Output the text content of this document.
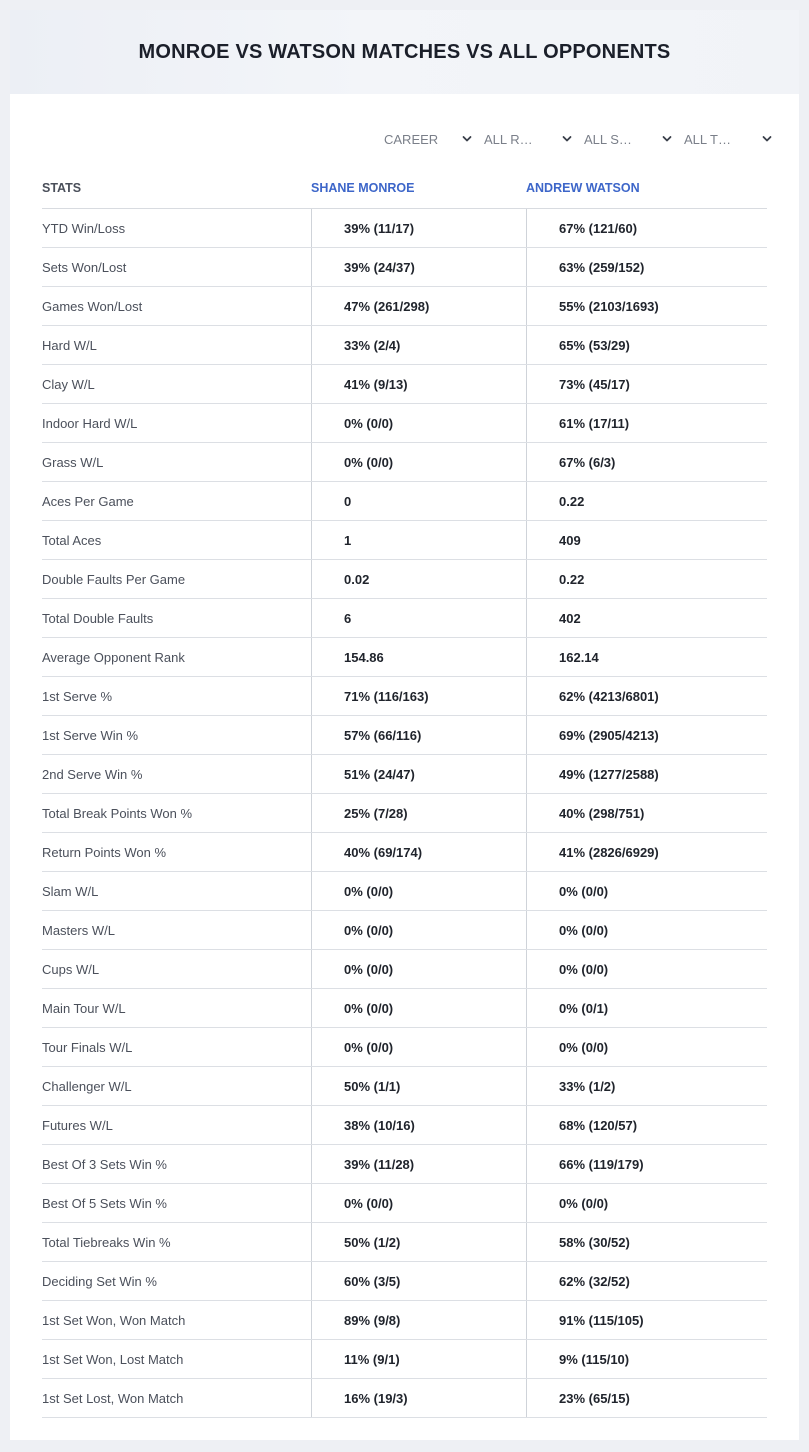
MONROE VS WATSON MATCHES VS ALL OPPONENTS
CAREER	ALL R…	ALL S…	ALL T…
STATS	SHANE MONROE	ANDREW WATSON
YTD Win/Loss	39% (11/17)	67% (121/60)
Sets Won/Lost	39% (24/37)	63% (259/152)
Games Won/Lost	47% (261/298)	55% (2103/1693)
Hard W/L	33% (2/4)	65% (53/29)
Clay W/L	41% (9/13)	73% (45/17)
Indoor Hard W/L	0% (0/0)	61% (17/11)
Grass W/L	0% (0/0)	67% (6/3)
Aces Per Game	0	0.22
Total Aces	1	409
Double Faults Per Game	0.02	0.22
Total Double Faults	6	402
Average Opponent Rank	154.86	162.14
1st Serve %	71% (116/163)	62% (4213/6801)
1st Serve Win %	57% (66/116)	69% (2905/4213)
2nd Serve Win %	51% (24/47)	49% (1277/2588)
Total Break Points Won %	25% (7/28)	40% (298/751)
Return Points Won %	40% (69/174)	41% (2826/6929)
Slam W/L	0% (0/0)	0% (0/0)
Masters W/L	0% (0/0)	0% (0/0)
Cups W/L	0% (0/0)	0% (0/0)
Main Tour W/L	0% (0/0)	0% (0/1)
Tour Finals W/L	0% (0/0)	0% (0/0)
Challenger W/L	50% (1/1)	33% (1/2)
Futures W/L	38% (10/16)	68% (120/57)
Best Of 3 Sets Win %	39% (11/28)	66% (119/179)
Best Of 5 Sets Win %	0% (0/0)	0% (0/0)
Total Tiebreaks Win %	50% (1/2)	58% (30/52)
Deciding Set Win %	60% (3/5)	62% (32/52)
1st Set Won, Won Match	89% (9/8)	91% (115/105)
1st Set Won, Lost Match	11% (9/1)	9% (115/10)
1st Set Lost, Won Match	16% (19/3)	23% (65/15)
